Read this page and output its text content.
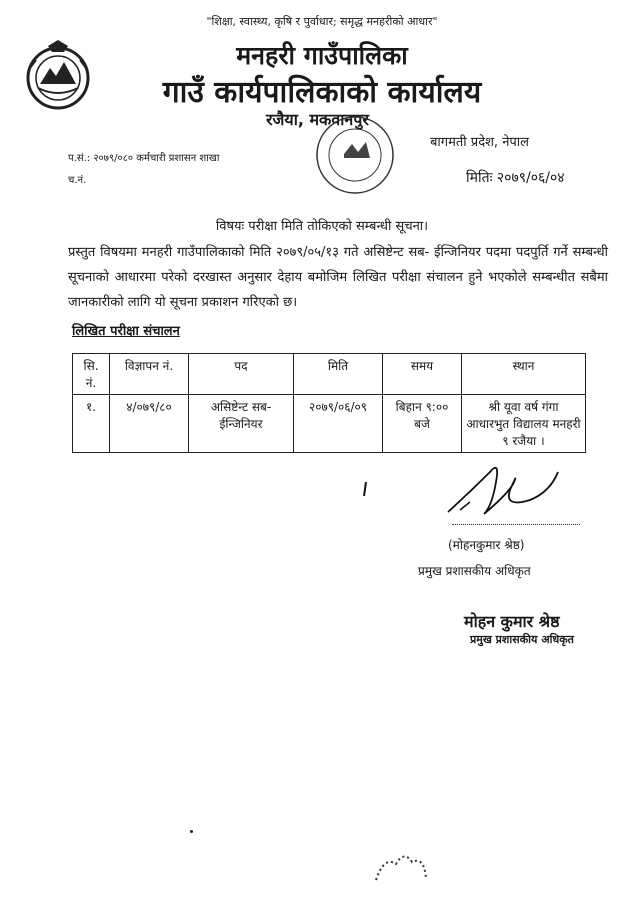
"शिक्षा, स्वास्थ्य, कृषि र पुर्वाधार; समृद्ध मनहरीको आधार"
मनहरी गाउँपालिका
गाउँ कार्यपालिकाको कार्यालय
रजैया, मकवानपुर
बागमती प्रदेश, नेपाल
प.सं.: २०७९/०८० कर्मचारी प्रशासन शाखा
च.नं.	मितिः २०७९/०६/०४
विषयः परीक्षा मिति तोकिएको सम्बन्धी सूचना।
प्रस्तुत विषयमा मनहरी गाउँपालिकाको मिति २०७९/०५/१३ गते असिष्टेन्ट सब- ईन्जिनियर पदमा पदपुर्ति गर्ने सम्बन्धी सूचनाको आधारमा परेको दरखास्त अनुसार देहाय बमोजिम लिखित परीक्षा संचालन हुने भएकोले सम्बन्धीत सबैमा जानकारीको लागि यो सूचना प्रकाशन गरिएको छ।
लिखित परीक्षा संचालन
सि. नं.	विज्ञापन नं.	पद	मिति	समय	स्थान
१.	४/०७९/८०	असिष्टेन्ट सब- ईन्जिनियर	२०७९/०६/०९	बिहान ९:०० बजे	श्री यूवा वर्ष गंगा आधारभुत विद्यालय मनहरी ९ रजैया ।
(मोहनकुमार श्रेष्ठ)
प्रमुख प्रशासकीय अधिकृत
मोहन कुमार श्रेष्ठ
प्रमुख प्रशासकीय अधिकृत
